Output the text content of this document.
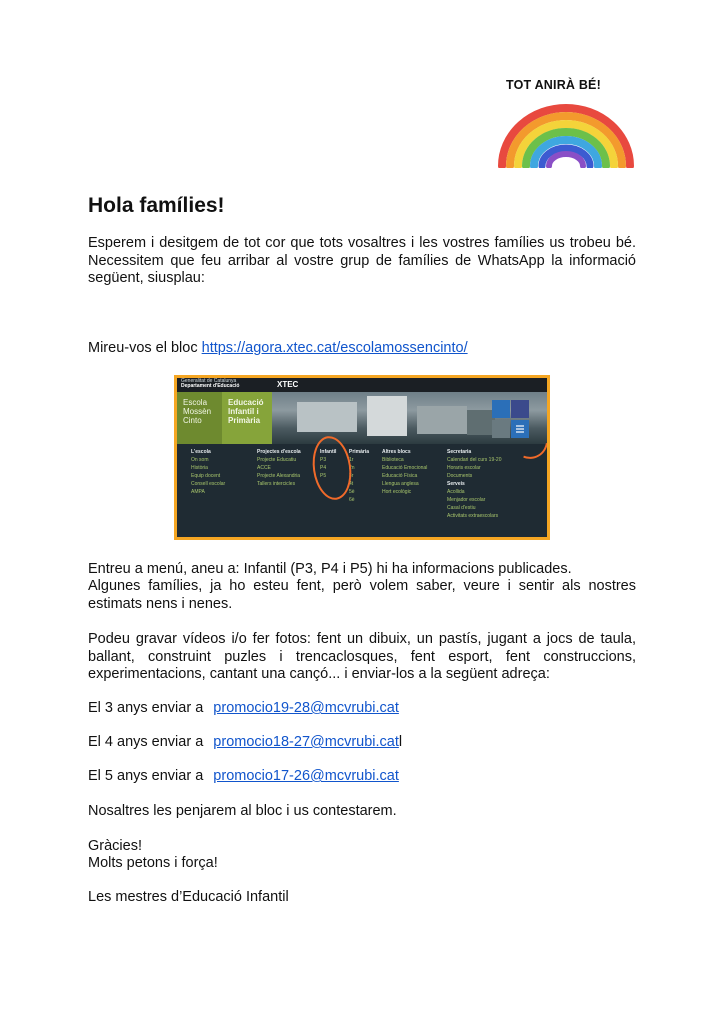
TOT ANIRÀ BÉ!
Hola famílies!

Esperem i desitgem de tot cor que tots vosaltres i les vostres famílies us trobeu bé. Necessitem que feu arribar al vostre grup de famílies de WhatsApp la informació següent, siusplau:

Mireu-vos el bloc https://agora.xtec.cat/escolamossencinto/
Generalitat de Catalunya
Departament d'Educació	XTEC
Escola Mossèn Cinto
Educació Infantil i Primària
L'escola
On som
Història
Equip docent
Consell escolar
AMPA
Projectes d'escola
Projecte Educatiu
ACCE
Projecte Alexandria
Tallers intercicles
Infantil
P3
P4
P5
Primària
1r
2n
3r
4t
5è
6è
Altres blocs
Biblioteca
Educació Emocional
Educació Física
Llengua anglesa
Hort ecològic
Secretaria
Calendari del curs 19-20
Horaris escolar
Documents
Serveis
Acollida
Menjador escolar
Casal d'estiu
Activitats extraescolars
Entreu a menú, aneu a: Infantil (P3, P4 i P5) hi ha informacions publicades.

Algunes famílies, ja ho esteu fent, però volem saber, veure i sentir als nostres estimats nens i nenes.

Podeu gravar vídeos i/o fer fotos: fent un dibuix, un pastís, jugant a jocs de taula, ballant, construint puzles i trencaclosques, fent esport, fent construccions, experimentacions, cantant una cançó... i enviar-los a la següent adreça:

El 3 anys enviar a promocio19-28@mcvrubi.cat
El 4 anys enviar a promocio18-27@mcvrubi.catl
El 5 anys enviar a promocio17-26@mcvrubi.cat
Nosaltres les penjarem al bloc i us contestarem.
Gràcies!
Molts petons i força!
Les mestres d’Educació Infantil
